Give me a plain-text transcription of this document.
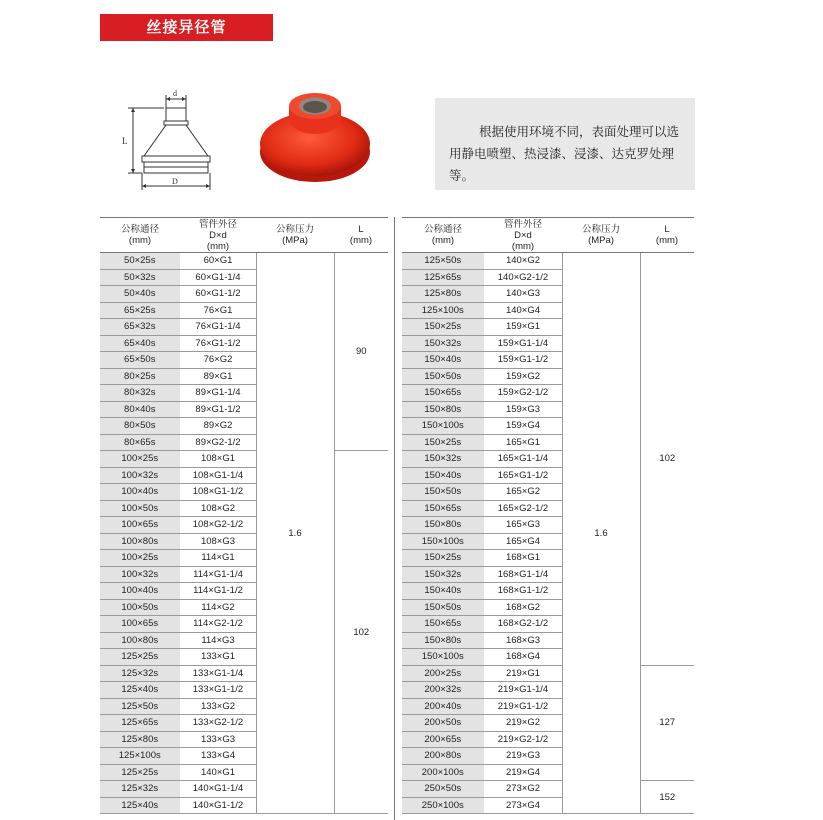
丝接异径管
d
L
D
根据使用环境不同，表面处理可以选用静电喷塑、热浸漆、浸漆、达克罗处理等。
公称通径
(mm)	管件外径
D×d
(mm)	公称压力
(MPa)	L
(mm)
50×25s	60×G1	1.6	90
50×32s	60×G1-1/4		
50×40s	60×G1-1/2		
65×25s	76×G1		
65×32s	76×G1-1/4		
65×40s	76×G1-1/2		
65×50s	76×G2		
80×25s	89×G1		
80×32s	89×G1-1/4		
80×40s	89×G1-1/2		
80×50s	89×G2		
80×65s	89×G2-1/2		
100×25s	108×G1		102
100×32s	108×G1-1/4		
100×40s	108×G1-1/2		
100×50s	108×G2		
100×65s	108×G2-1/2		
100×80s	108×G3		
100×25s	114×G1		
100×32s	114×G1-1/4		
100×40s	114×G1-1/2		
100×50s	114×G2		
100×65s	114×G2-1/2		
100×80s	114×G3		
125×25s	133×G1		
125×32s	133×G1-1/4		
125×40s	133×G1-1/2		
125×50s	133×G2		
125×65s	133×G2-1/2		
125×80s	133×G3		
125×100s	133×G4		
125×25s	140×G1		
125×32s	140×G1-1/4		
125×40s	140×G1-1/2		
公称通径
(mm)	管件外径
D×d
(mm)	公称压力
(MPa)	L
(mm)
125×50s	140×G2	1.6	102
125×65s	140×G2-1/2		
125×80s	140×G3		
125×100s	140×G4		
150×25s	159×G1		
150×32s	159×G1-1/4		
150×40s	159×G1-1/2		
150×50s	159×G2		
150×65s	159×G2-1/2		
150×80s	159×G3		
150×100s	159×G4		
150×25s	165×G1		
150×32s	165×G1-1/4		
150×40s	165×G1-1/2		
150×50s	165×G2		
150×65s	165×G2-1/2		
150×80s	165×G3		
150×100s	165×G4		
150×25s	168×G1		
150×32s	168×G1-1/4		
150×40s	168×G1-1/2		
150×50s	168×G2		
150×65s	168×G2-1/2		
150×80s	168×G3		
150×100s	168×G4		
200×25s	219×G1		127
200×32s	219×G1-1/4		
200×40s	219×G1-1/2		
200×50s	219×G2		
200×65s	219×G2-1/2		
200×80s	219×G3		
200×100s	219×G4		
250×50s	273×G2		152
250×100s	273×G4		
